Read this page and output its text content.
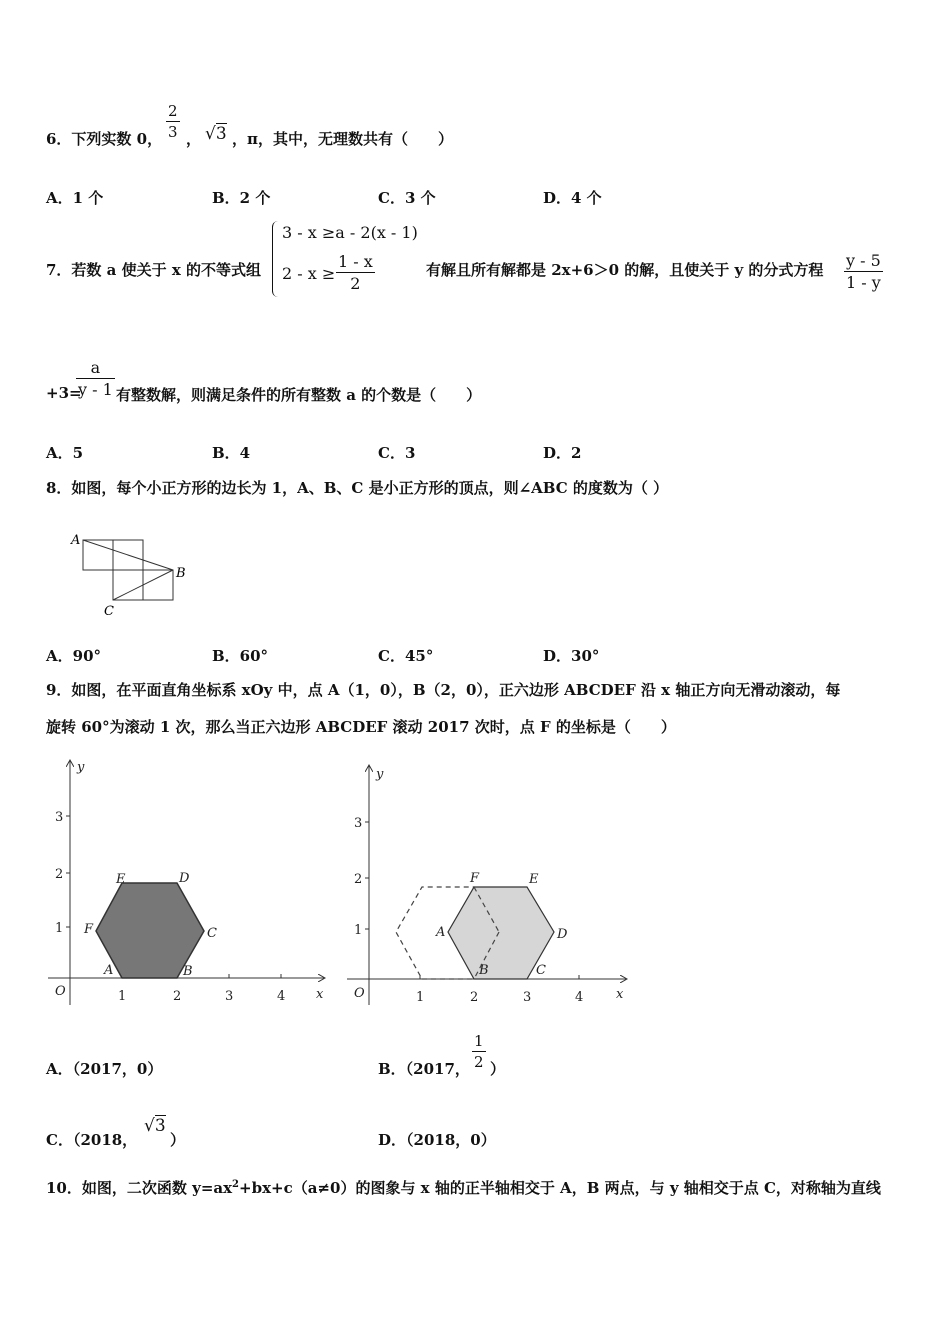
6．下列实数 0，
2
3 ， √3 ，π，其中，无理数共有（　　）
A．1 个	B．2 个	C．3 个	D．4 个
7．若数 a 使关于 x 的不等式组
3 - x ≥a - 2(x - 1)
2 - x ≥
1 - x
2
有解且所有解都是 2x+6＞0 的解，且使关于 y 的分式方程 y - 5
1 - y
+3=
a
y - 1 有整数解，则满足条件的所有整数 a 的个数是（　　）
A．5	B．4	C．3	D．2
8．如图，每个小正方形的边长为 1，A、B、C 是小正方形的顶点，则∠ABC 的度数为（ ）
A
B
C
A．90°	B．60°	C．45°	D．30°
9．如图，在平面直角坐标系 xOy 中，点 A（1，0），B（2，0），正六边形 ABCDEF 沿 x 轴正方向无滑动滚动，每
旋转 60°为滚动 1 次，那么当正六边形 ABCDEF 滚动 2017 次时，点 F 的坐标是（　　）
y
x
O
E	D
F	C
A	B
3
2
1
1	2	3	4
y
x
O
F	E
A	D
B	C
3
2
1
1	2	3	4
A．（2017，0）	B．（2017，
1
2 ）
C．（2018，
√3
）	D．（2018，0）
10．如图，二次函数 $y=ax^2+bx+c(a\ne 0)$的图象与 x 轴的正半轴相交于 A，B 两点，与 y 轴相交于点 C，对称轴为直线
